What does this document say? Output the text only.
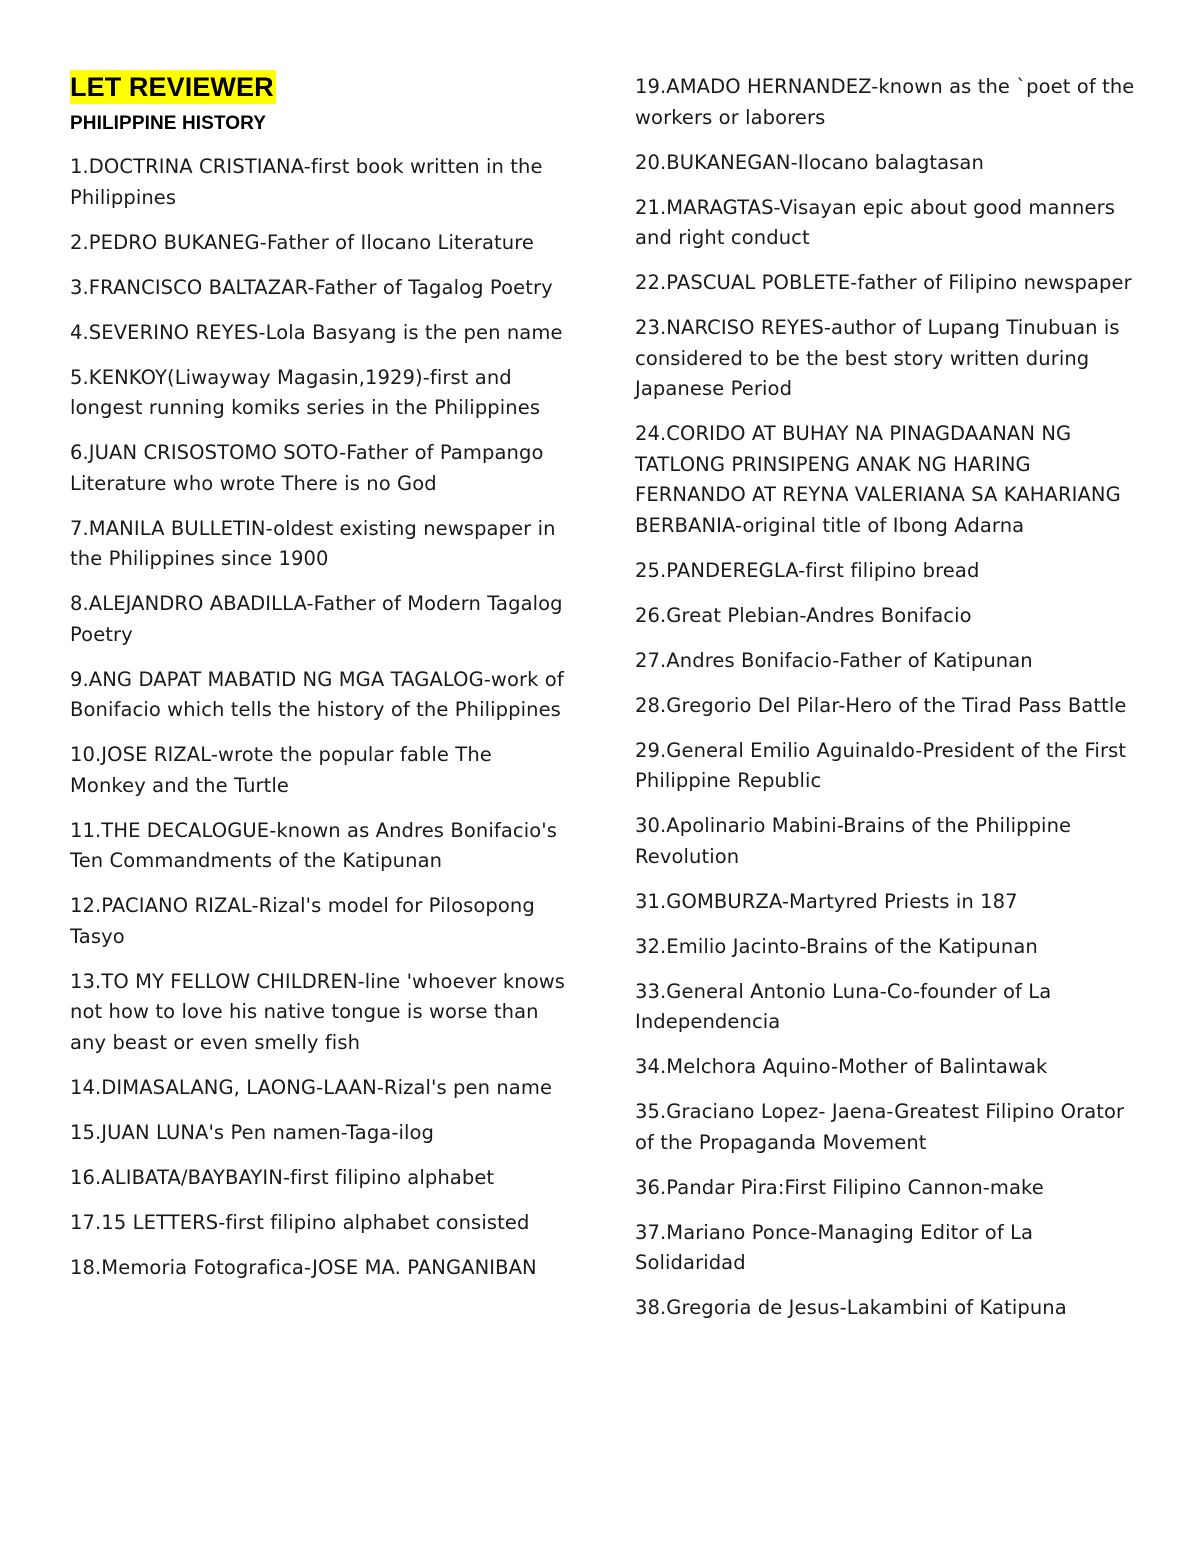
LET REVIEWER
PHILIPPINE HISTORY
1.DOCTRINA CRISTIANA-first book written in the Philippines
2.PEDRO BUKANEG-Father of Ilocano Literature
3.FRANCISCO BALTAZAR-Father of Tagalog Poetry
4.SEVERINO REYES-Lola Basyang is the pen name
5.KENKOY(Liwayway Magasin,1929)-first and longest running komiks series in the Philippines
6.JUAN CRISOSTOMO SOTO-Father of Pampango Literature who wrote There is no God
7.MANILA BULLETIN-oldest existing newspaper in the Philippines since 1900
8.ALEJANDRO ABADILLA-Father of Modern Tagalog Poetry
9.ANG DAPAT MABATID NG MGA TAGALOG-work of Bonifacio which tells the history of the Philippines
10.JOSE RIZAL-wrote the popular fable The Monkey and the Turtle
11.THE DECALOGUE-known as Andres Bonifacio's Ten Commandments of the Katipunan
12.PACIANO RIZAL-Rizal's model for Pilosopong Tasyo
13.TO MY FELLOW CHILDREN-line 'whoever knows not how to love his native tongue is worse than any beast or even smelly fish
14.DIMASALANG, LAONG-LAAN-Rizal's pen name
15.JUAN LUNA's Pen namen-Taga-ilog
16.ALIBATA/BAYBAYIN-first filipino alphabet
17.15 LETTERS-first filipino alphabet consisted
18.Memoria Fotografica-JOSE MA. PANGANIBAN
19.AMADO HERNANDEZ-known as the `poet of the workers or laborers
20.BUKANEGAN-Ilocano balagtasan
21.MARAGTAS-Visayan epic about good manners and right conduct
22.PASCUAL POBLETE-father of Filipino newspaper
23.NARCISO REYES-author of Lupang Tinubuan is considered to be the best story written during Japanese Period
24.CORIDO AT BUHAY NA PINAGDAANAN NG TATLONG PRINSIPENG ANAK NG HARING FERNANDO AT REYNA VALERIANA SA KAHARIANG BERBANIA-original title of Ibong Adarna
25.PANDEREGLA-first filipino bread
26.Great Plebian-Andres Bonifacio
27.Andres Bonifacio-Father of Katipunan
28.Gregorio Del Pilar-Hero of the Tirad Pass Battle
29.General Emilio Aguinaldo-President of the First Philippine Republic
30.Apolinario Mabini-Brains of the Philippine Revolution
31.GOMBURZA-Martyred Priests in 187
32.Emilio Jacinto-Brains of the Katipunan
33.General Antonio Luna-Co-founder of La Independencia
34.Melchora Aquino-Mother of Balintawak
35.Graciano Lopez- Jaena-Greatest Filipino Orator of the Propaganda Movement
36.Pandar Pira:First Filipino Cannon-make
37.Mariano Ponce-Managing Editor of La Solidaridad
38.Gregoria de Jesus-Lakambini of Katipuna
